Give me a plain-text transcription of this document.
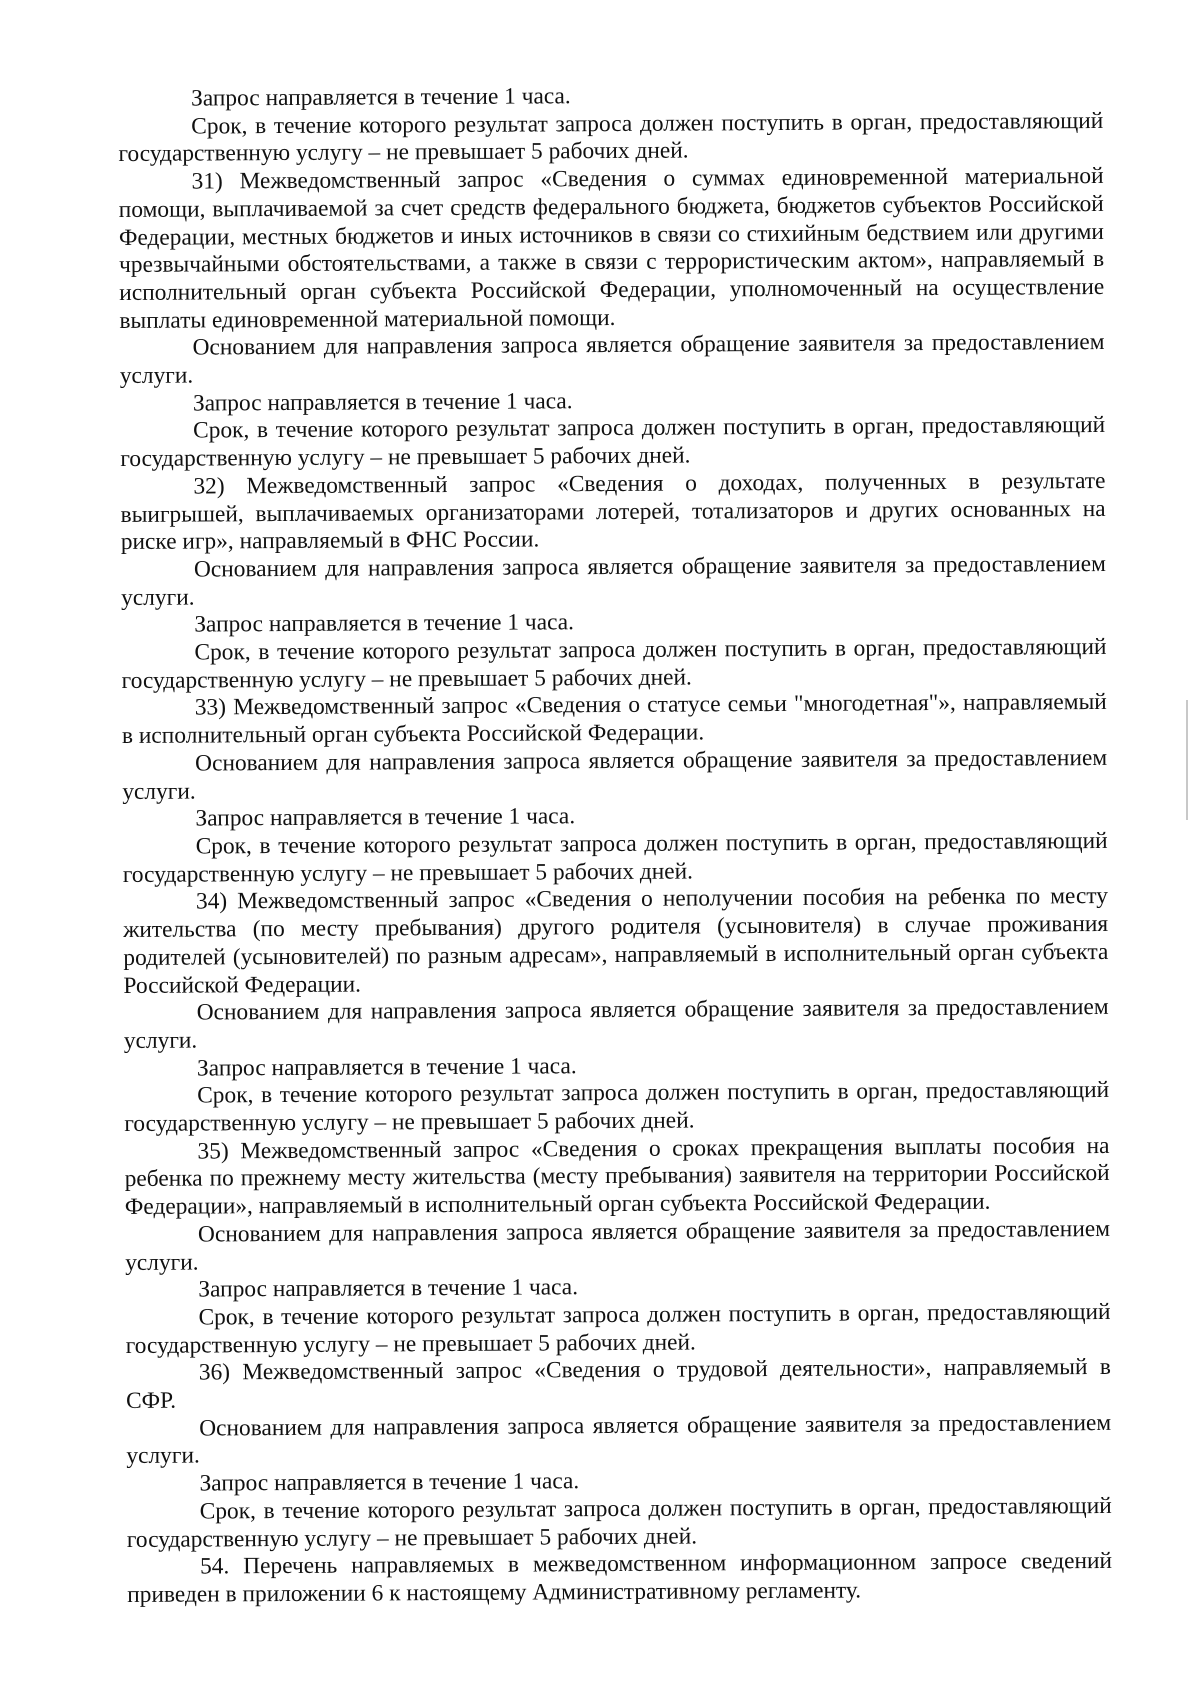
Запрос направляется в течение 1 часа.

Срок, в течение которого результат запроса должен поступить в орган, предоставляющий государственную услугу – не превышает 5 рабочих дней.

31) Межведомственный запрос «Сведения о суммах единовременной материальной помощи, выплачиваемой за счет средств федерального бюджета, бюджетов субъектов Российской Федерации, местных бюджетов и иных источников в связи со стихийным бедствием или другими чрезвычайными обстоятельствами, а также в связи с террористическим актом», направляемый в исполнительный орган субъекта Российской Федерации, уполномоченный на осуществление выплаты единовременной материальной помощи.

Основанием для направления запроса является обращение заявителя за предоставлением услуги.

Запрос направляется в течение 1 часа.

Срок, в течение которого результат запроса должен поступить в орган, предоставляющий государственную услугу – не превышает 5 рабочих дней.

32) Межведомственный запрос «Сведения о доходах, полученных в результате выигрышей, выплачиваемых организаторами лотерей, тотализаторов и других основанных на риске игр», направляемый в ФНС России.

Основанием для направления запроса является обращение заявителя за предоставлением услуги.

Запрос направляется в течение 1 часа.

Срок, в течение которого результат запроса должен поступить в орган, предоставляющий государственную услугу – не превышает 5 рабочих дней.

33) Межведомственный запрос «Сведения о статусе семьи "многодетная"», направляемый в исполнительный орган субъекта Российской Федерации.

Основанием для направления запроса является обращение заявителя за предоставлением услуги.

Запрос направляется в течение 1 часа.

Срок, в течение которого результат запроса должен поступить в орган, предоставляющий государственную услугу – не превышает 5 рабочих дней.

34) Межведомственный запрос «Сведения о неполучении пособия на ребенка по месту жительства (по месту пребывания) другого родителя (усыновителя) в случае проживания родителей (усыновителей) по разным адресам», направляемый в исполнительный орган субъекта Российской Федерации.

Основанием для направления запроса является обращение заявителя за предоставлением услуги.

Запрос направляется в течение 1 часа.

Срок, в течение которого результат запроса должен поступить в орган, предоставляющий государственную услугу – не превышает 5 рабочих дней.

35) Межведомственный запрос «Сведения о сроках прекращения выплаты пособия на ребенка по прежнему месту жительства (месту пребывания) заявителя на территории Российской Федерации», направляемый в исполнительный орган субъекта Российской Федерации.

Основанием для направления запроса является обращение заявителя за предоставлением услуги.

Запрос направляется в течение 1 часа.

Срок, в течение которого результат запроса должен поступить в орган, предоставляющий государственную услугу – не превышает 5 рабочих дней.

36) Межведомственный запрос «Сведения о трудовой деятельности», направляемый в СФР.

Основанием для направления запроса является обращение заявителя за предоставлением услуги.

Запрос направляется в течение 1 часа.

Срок, в течение которого результат запроса должен поступить в орган, предоставляющий государственную услугу – не превышает 5 рабочих дней.

54. Перечень направляемых в межведомственном информационном запросе сведений приведен в приложении 6 к настоящему Административному регламенту.
